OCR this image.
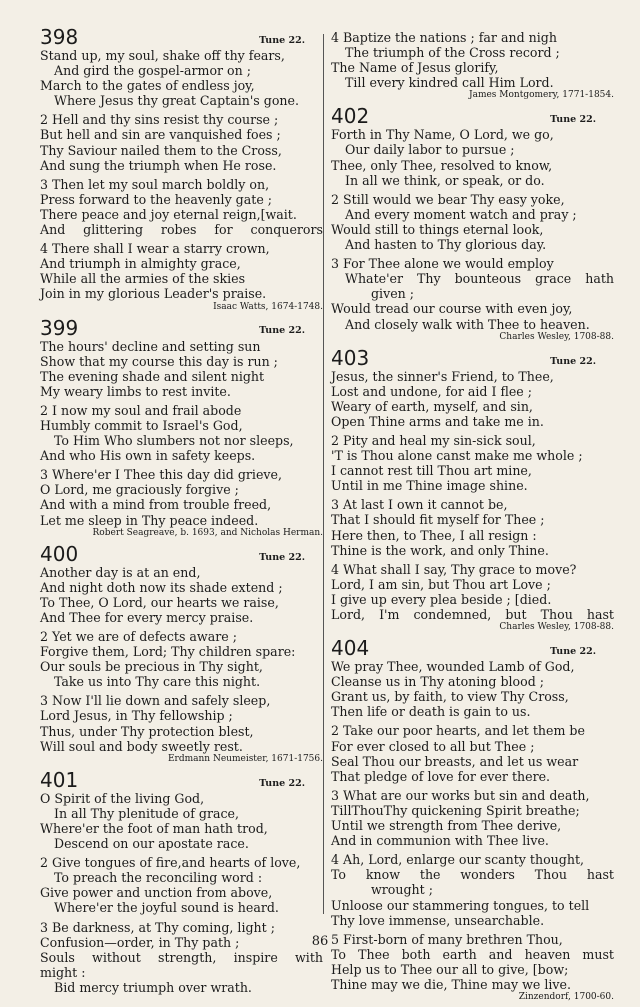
398	Tune 22.
Stand up, my soul, shake off thy fears,
And gird the gospel-armor on ;
March to the gates of endless joy,
Where Jesus thy great Captain's gone.
2 Hell and thy sins resist thy course ;
But hell and sin are vanquished foes ;
Thy Saviour nailed them to the Cross,
And sung the triumph when He rose.
3 Then let my soul march boldly on,
Press forward to the heavenly gate ;
There peace and joy eternal reign,[wait.
And glittering robes for conquerors
4 There shall I wear a starry crown,
And triumph in almighty grace,
While all the armies of the skies
Join in my glorious Leader's praise.
Isaac Watts, 1674-1748.
399	Tune 22.
The hours' decline and setting sun
Show that my course this day is run ;
The evening shade and silent night
My weary limbs to rest invite.
2 I now my soul and frail abode
Humbly commit to Israel's God,
To Him Who slumbers not nor sleeps,
And who His own in safety keeps.
3 Where'er I Thee this day did grieve,
O Lord, me graciously forgive ;
And with a mind from trouble freed,
Let me sleep in Thy peace indeed.
Robert Seagreave, b. 1693, and Nicholas Herman.
400	Tune 22.
Another day is at an end,
And night doth now its shade extend ;
To Thee, O Lord, our hearts we raise,
And Thee for every mercy praise.
2 Yet we are of defects aware ;
Forgive them, Lord; Thy children spare:
Our souls be precious in Thy sight,
Take us into Thy care this night.
3 Now I'll lie down and safely sleep,
Lord Jesus, in Thy fellowship ;
Thus, under Thy protection blest,
Will soul and body sweetly rest.
Erdmann Neumeister, 1671-1756.
401	Tune 22.
O Spirit of the living God,
In all Thy plenitude of grace,
Where'er the foot of man hath trod,
Descend on our apostate race.
2 Give tongues of fire,and hearts of love,
To preach the reconciling word :
Give power and unction from above,
Where'er the joyful sound is heard.
3 Be darkness, at Thy coming, light ;
Confusion—order, in Thy path ;
Souls without strength, inspire with
might :
Bid mercy triumph over wrath.
4 Baptize the nations ; far and nigh
The triumph of the Cross record ;
The Name of Jesus glorify,
Till every kindred call Him Lord.
James Montgomery, 1771-1854.
402	Tune 22.
Forth in Thy Name, O Lord, we go,
Our daily labor to pursue ;
Thee, only Thee, resolved to know,
In all we think, or speak, or do.
2 Still would we bear Thy easy yoke,
And every moment watch and pray ;
Would still to things eternal look,
And hasten to Thy glorious day.
3 For Thee alone we would employ
Whate'er Thy bounteous grace hath
given ;
Would tread our course with even joy,
And closely walk with Thee to heaven.
Charles Wesley, 1708-88.
403	Tune 22.
Jesus, the sinner's Friend, to Thee,
Lost and undone, for aid I flee ;
Weary of earth, myself, and sin,
Open Thine arms and take me in.
2 Pity and heal my sin-sick soul,
'T is Thou alone canst make me whole ;
I cannot rest till Thou art mine,
Until in me Thine image shine.
3 At last I own it cannot be,
That I should fit myself for Thee ;
Here then, to Thee, I all resign :
Thine is the work, and only Thine.
4 What shall I say, Thy grace to move?
Lord, I am sin, but Thou art Love ;
I give up every plea beside ; [died.
Lord, I'm condemned, but Thou hast
Charles Wesley, 1708-88.
404	Tune 22.
We pray Thee, wounded Lamb of God,
Cleanse us in Thy atoning blood ;
Grant us, by faith, to view Thy Cross,
Then life or death is gain to us.
2 Take our poor hearts, and let them be
For ever closed to all but Thee ;
Seal Thou our breasts, and let us wear
That pledge of love for ever there.
3 What are our works but sin and death,
TillThouThy quickening Spirit breathe;
Until we strength from Thee derive,
And in communion with Thee live.
4 Ah, Lord, enlarge our scanty thought,
To know the wonders Thou hast
wrought ;
Unloose our stammering tongues, to tell
Thy love immense, unsearchable.
5 First-born of many brethren Thou,
To Thee both earth and heaven must
Help us to Thee our all to give, [bow;
Thine may we die, Thine may we live.
Zinzendorf, 1700-60.
86
